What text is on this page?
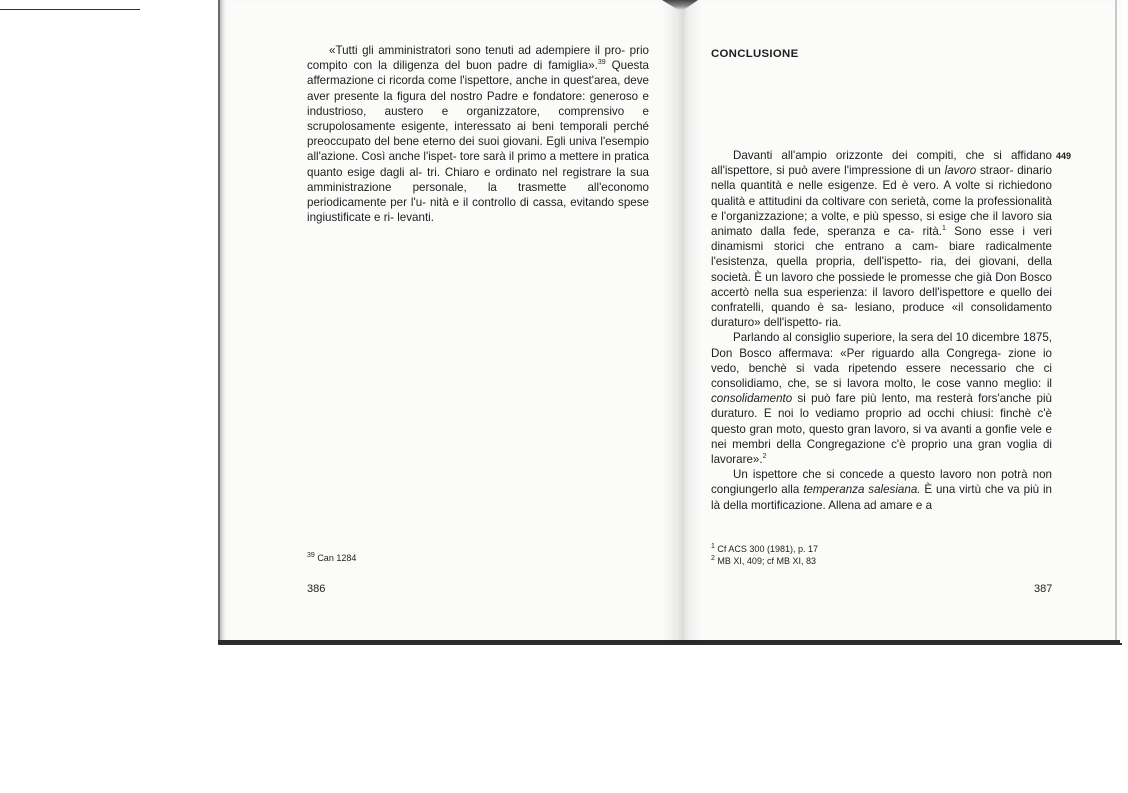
«Tutti gli amministratori sono tenuti ad adempiere il pro- prio compito con la diligenza del buon padre di famiglia».$^{39}$ Questa affermazione ci ricorda come l'ispettore, anche in quest'area, deve aver presente la figura del nostro Padre e fondatore: generoso e industrioso, austero e organizzatore, comprensivo e scrupolosamente esigente, interessato ai beni temporali perché preoccupato del bene eterno dei suoi giovani. Egli univa l'esempio all'azione. Così anche l'ispet- tore sarà il primo a mettere in pratica quanto esige dagli al- tri. Chiaro e ordinato nel registrare la sua amministrazione personale, la trasmette all'economo periodicamente per l'u- nità e il controllo di cassa, evitando spese ingiustificate e ri- levanti.

$^{39}$ Can 1284
386
CONCLUSIONE
449

Davanti all'ampio orizzonte dei compiti, che si affidano all'ispettore, si può avere l'impressione di un lavoro straor- dinario nella quantità e nelle esigenze. Ed è vero. A volte si richiedono qualità e attitudini da coltivare con serietà, come la professionalità e l'organizzazione; a volte, e più spesso, si esige che il lavoro sia animato dalla fede, speranza e ca- rità.$^1$ Sono esse i veri dinamismi storici che entrano a cam- biare radicalmente l'esistenza, quella propria, dell'ispetto- ria, dei giovani, della società. È un lavoro che possiede le promesse che già Don Bosco accertò nella sua esperienza: il lavoro dell'ispettore e quello dei confratelli, quando è sa- lesiano, produce «il consolidamento duraturo» dell'ispetto- ria.

Parlando al consiglio superiore, la sera del 10 dicembre 1875, Don Bosco affermava: «Per riguardo alla Congrega- zione io vedo, benchè si vada ripetendo essere necessario che ci consolidiamo, che, se si lavora molto, le cose vanno meglio: il consolidamento si può fare più lento, ma resterà fors'anche più duraturo. E noi lo vediamo proprio ad occhi chiusi: finchè c'è questo gran moto, questo gran lavoro, si va avanti a gonfie vele e nei membri della Congregazione c'è proprio una gran voglia di lavorare».$^2$

Un ispettore che si concede a questo lavoro non potrà non congiungerlo alla temperanza salesiana. È una virtù che va più in là della mortificazione. Allena ad amare e a

$^1$ Cf ACS 300 (1981), p. 17
$^2$ MB XI, 409; cf MB XI, 83
387
